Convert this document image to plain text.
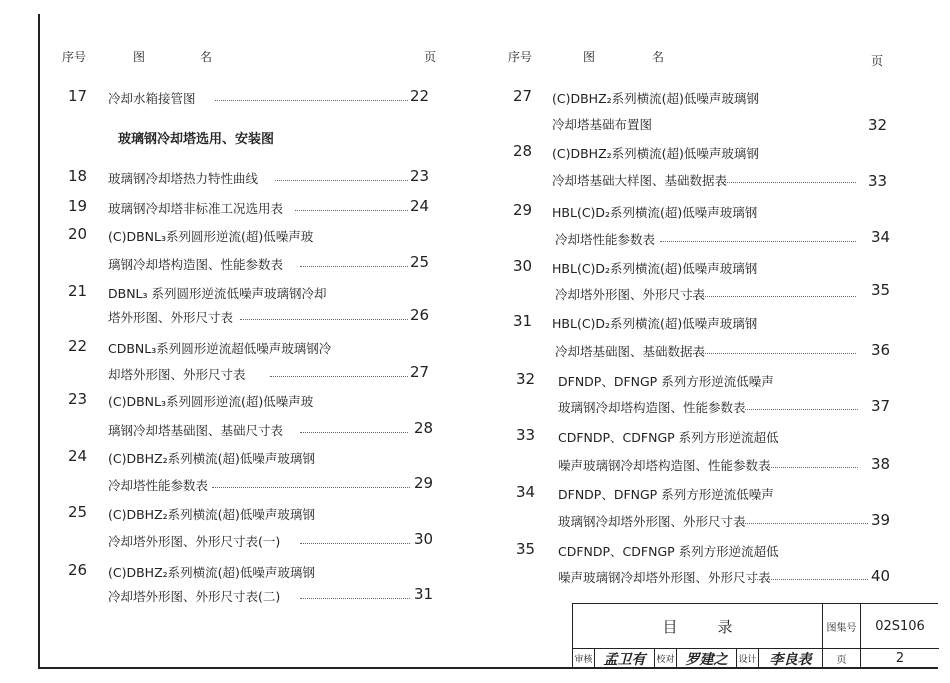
序号	图	名	页	序号	图	名	页
17 冷却水箱接管图	22
玻璃钢冷却塔选用、安装图
18 玻璃钢冷却塔热力特性曲线	23
19 玻璃钢冷却塔非标准工况选用表	24
20 (C)DBNL₃系列圆形逆流(超)低噪声玻
璃钢冷却塔构造图、性能参数表	25
21 DBNL₃ 系列圆形逆流低噪声玻璃钢冷却
塔外形图、外形尺寸表	26
22 CDBNL₃系列圆形逆流超低噪声玻璃钢冷
却塔外形图、外形尺寸表	27
23 (C)DBNL₃系列圆形逆流(超)低噪声玻
璃钢冷却塔基础图、基础尺寸表	28
24 (C)DBHZ₂系列横流(超)低噪声玻璃钢
冷却塔性能参数表	29
25 (C)DBHZ₂系列横流(超)低噪声玻璃钢
冷却塔外形图、外形尺寸表(一)	30
26 (C)DBHZ₂系列横流(超)低噪声玻璃钢
冷却塔外形图、外形尺寸表(二)	31
27 (C)DBHZ₂系列横流(超)低噪声玻璃钢
冷却塔基础布置图	32
28 (C)DBHZ₂系列横流(超)低噪声玻璃钢
冷却塔基础大样图、基础数据表	33
29 HBL(C)D₂系列横流(超)低噪声玻璃钢
冷却塔性能参数表	34
30 HBL(C)D₂系列横流(超)低噪声玻璃钢
冷却塔外形图、外形尺寸表	35
31 HBL(C)D₂系列横流(超)低噪声玻璃钢
冷却塔基础图、基础数据表	36
32 DFNDP、DFNGP 系列方形逆流低噪声
玻璃钢冷却塔构造图、性能参数表	37
33 CDFNDP、CDFNGP 系列方形逆流超低
噪声玻璃钢冷却塔构造图、性能参数表	38
34 DFNDP、DFNGP 系列方形逆流低噪声
玻璃钢冷却塔外形图、外形尺寸表	39
35 CDFNDP、CDFNGP 系列方形逆流超低
噪声玻璃钢冷却塔外形图、外形尺寸表	40
目	录	图集号	02S106
审核 孟卫有	校对 罗建之	设计 李良表	页	2
